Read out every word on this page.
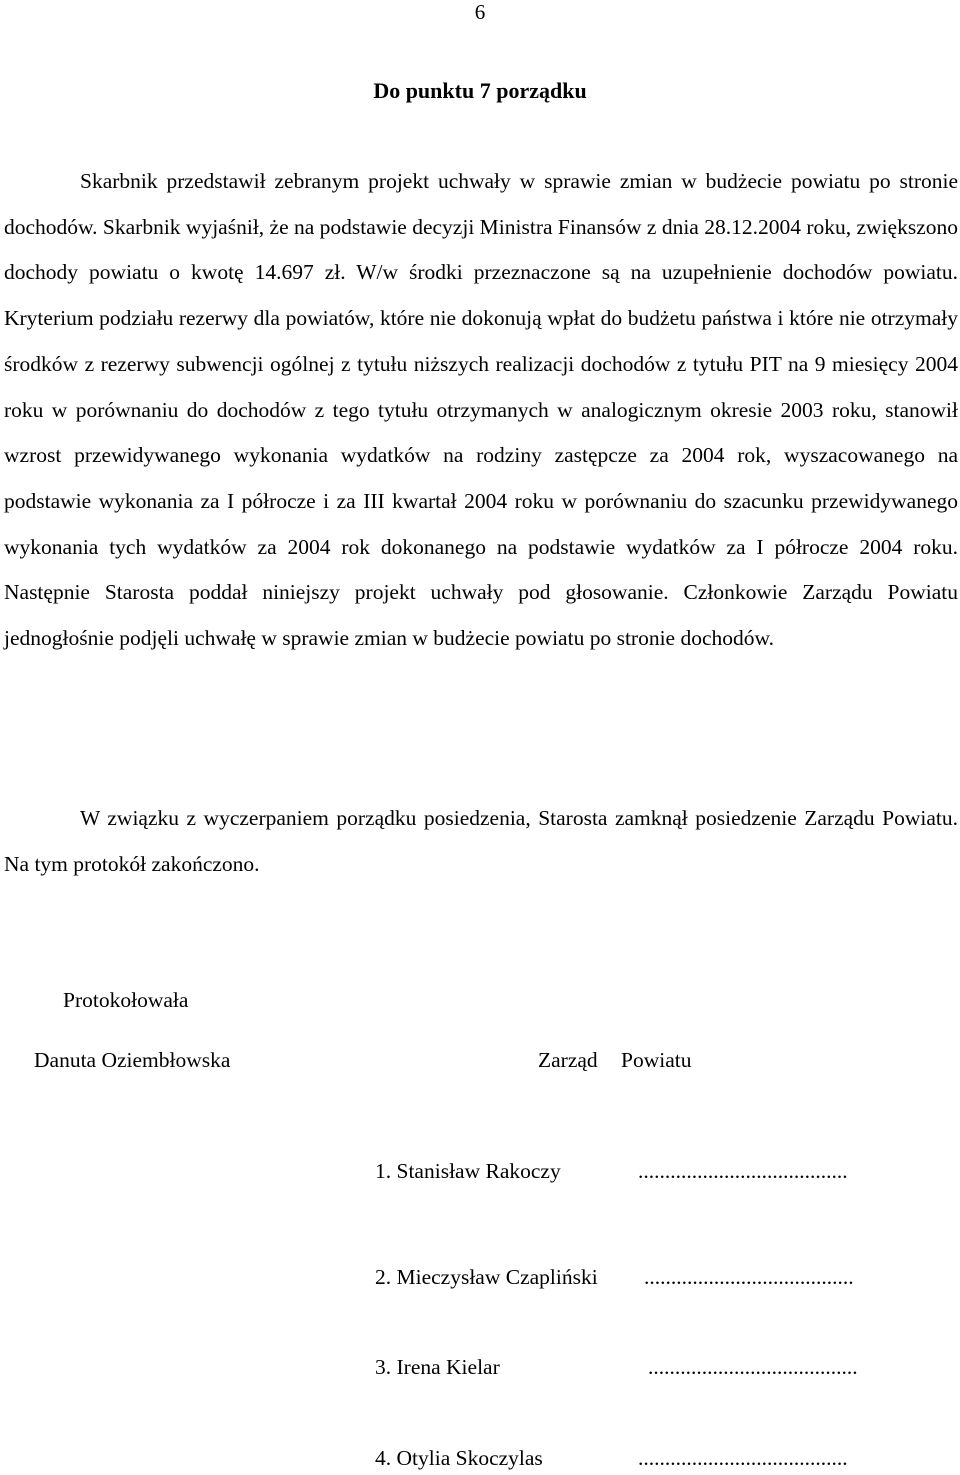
6
Do punktu 7 porządku

Skarbnik przedstawił zebranym projekt uchwały w sprawie zmian w budżecie powiatu po stronie dochodów. Skarbnik wyjaśnił, że na podstawie decyzji Ministra Finansów z dnia 28.12.2004 roku, zwiększono dochody powiatu o kwotę 14.697 zł. W/w środki przeznaczone są na uzupełnienie dochodów powiatu. Kryterium podziału rezerwy dla powiatów, które nie dokonują wpłat do budżetu państwa i które nie otrzymały środków z rezerwy subwencji ogólnej z tytułu niższych realizacji dochodów z tytułu PIT na 9 miesięcy 2004 roku w porównaniu do dochodów z tego tytułu otrzymanych w analogicznym okresie 2003 roku, stanowił wzrost przewidywanego wykonania wydatków na rodziny zastępcze za 2004 rok, wyszacowanego na podstawie wykonania za I półrocze i za III kwartał 2004 roku w porównaniu do szacunku przewidywanego wykonania tych wydatków za 2004 rok dokonanego na podstawie wydatków za I półrocze 2004 roku. Następnie Starosta poddał niniejszy projekt uchwały pod głosowanie. Członkowie Zarządu Powiatu jednogłośnie podjęli uchwałę w sprawie zmian w budżecie powiatu po stronie dochodów.

W związku z wyczerpaniem porządku posiedzenia, Starosta zamknął posiedzenie Zarządu Powiatu. Na tym protokół zakończono.

Protokołowała
Danuta Oziembłowska	Zarząd Powiatu
1. Stanisław Rakoczy	.......................................
2. Mieczysław Czapliński .......................................
3. Irena Kielar	.......................................
4. Otylia Skoczylas	.......................................
